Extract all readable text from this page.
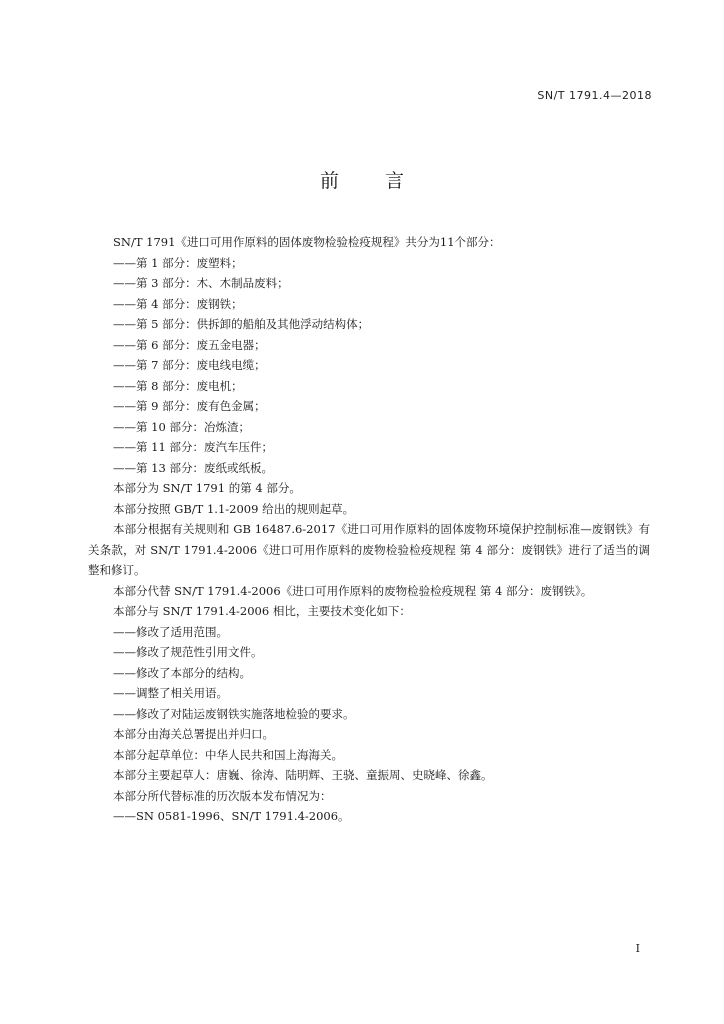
SN/T 1791.4—2018
前 言
SN/T 1791《进口可用作原料的固体废物检验检疫规程》共分为11个部分：
——第 1 部分：废塑料；
——第 3 部分：木、木制品废料；
——第 4 部分：废钢铁；
——第 5 部分：供拆卸的船舶及其他浮动结构体；
——第 6 部分：废五金电器；
——第 7 部分：废电线电缆；
——第 8 部分：废电机；
——第 9 部分：废有色金属；
——第 10 部分：冶炼渣；
——第 11 部分：废汽车压件；
——第 13 部分：废纸或纸板。
本部分为 SN/T 1791 的第 4 部分。
本部分按照 GB/T 1.1-2009 给出的规则起草。
本部分根据有关规则和 GB 16487.6-2017《进口可用作原料的固体废物环境保护控制标准—废钢铁》有关条款，对 SN/T 1791.4-2006《进口可用作原料的废物检验检疫规程 第 4 部分：废钢铁》进行了适当的调整和修订。
本部分代替 SN/T 1791.4-2006《进口可用作原料的废物检验检疫规程 第 4 部分：废钢铁》。
本部分与 SN/T 1791.4-2006 相比，主要技术变化如下：
——修改了适用范围。
——修改了规范性引用文件。
——修改了本部分的结构。
——调整了相关用语。
——修改了对陆运废钢铁实施落地检验的要求。
本部分由海关总署提出并归口。
本部分起草单位：中华人民共和国上海海关。
本部分主要起草人：唐巍、徐涛、陆明辉、王骁、童振周、史晓峰、徐鑫。
本部分所代替标准的历次版本发布情况为：
——SN 0581-1996、SN/T 1791.4-2006。
I
